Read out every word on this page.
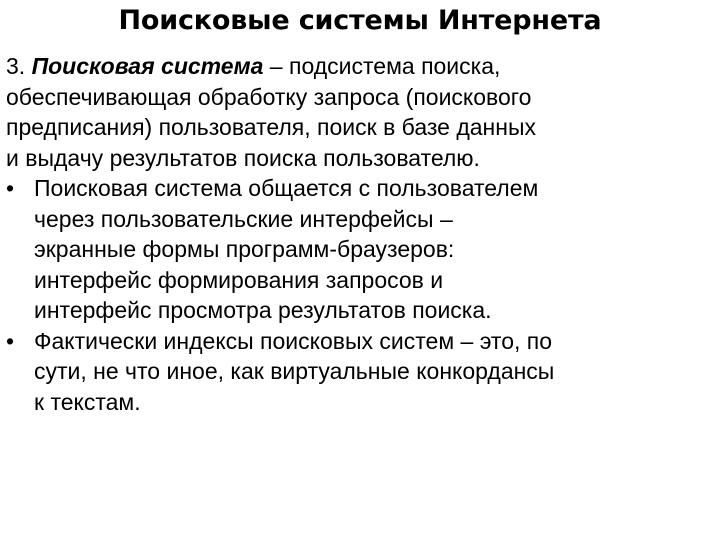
Поисковые системы Интернета
3. Поисковая система – подсистема поиска,
обеспечивающая обработку запроса (поискового
предписания) пользователя, поиск в базе данных
и выдачу результатов поиска пользователю.
• Поисковая система общается с пользователем
через пользовательские интерфейсы –
экранные формы программ-браузеров:
интерфейс формирования запросов и
интерфейс просмотра результатов поиска.
• Фактически индексы поисковых систем – это, по
сути, не что иное, как виртуальные конкордансы
к текстам.
